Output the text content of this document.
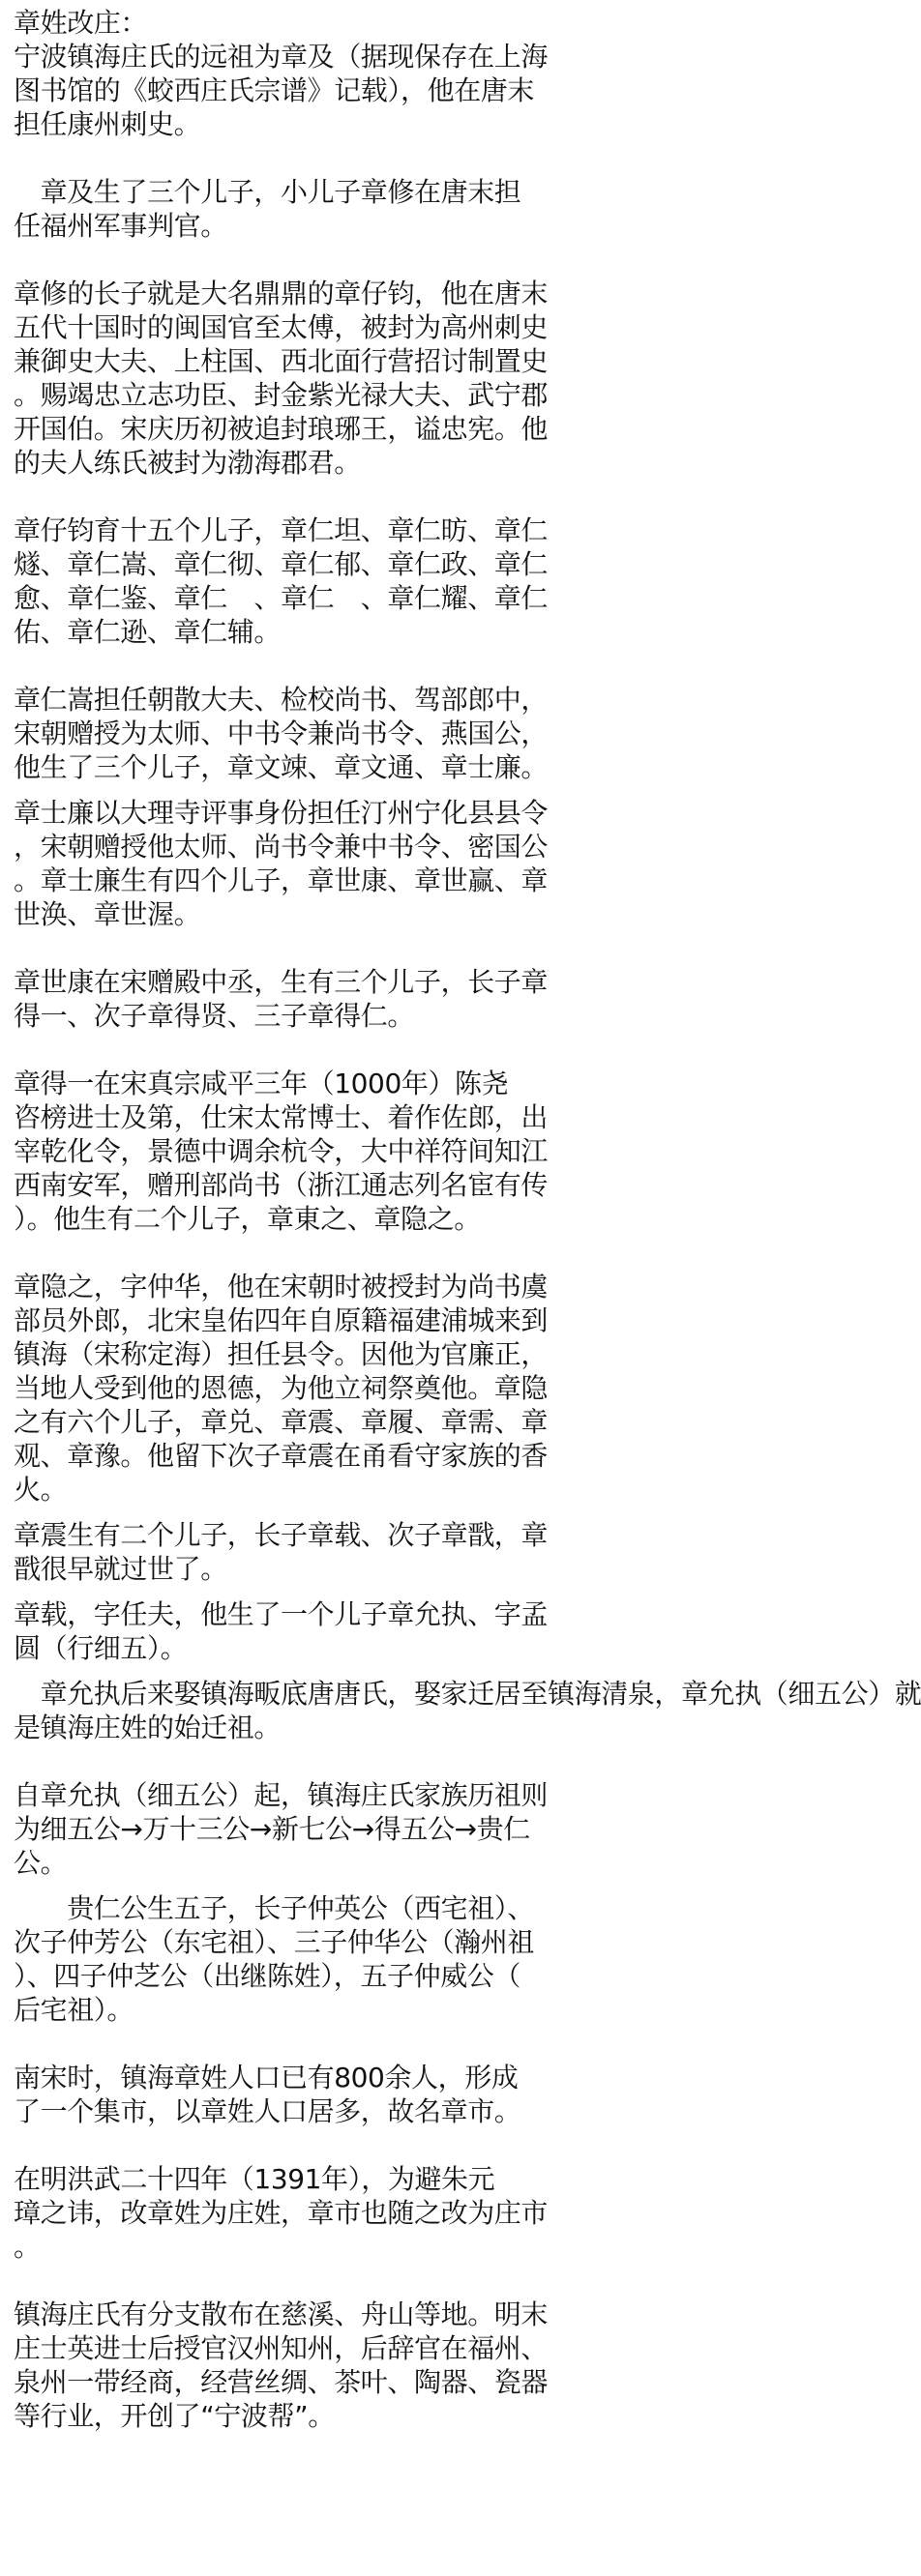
章姓改庄：
宁波镇海庄氏的远祖为章及（据现保存在上海
图书馆的《蛟西庄氏宗谱》记载），他在唐末
担任康州刺史。
　章及生了三个儿子，小儿子章修在唐末担
任福州军事判官。
章修的长子就是大名鼎鼎的章仔钧，他在唐末
五代十国时的闽国官至太傅，被封为高州刺史
兼御史大夫、上柱国、西北面行营招讨制置史
。赐竭忠立志功臣、封金紫光禄大夫、武宁郡
开国伯。宋庆历初被追封琅琊王，谥忠宪。他
的夫人练氏被封为渤海郡君。
章仔钧育十五个儿子，章仁坦、章仁昉、章仁
燧、章仁嵩、章仁彻、章仁郁、章仁政、章仁
愈、章仁鉴、章仁　、章仁　、章仁耀、章仁
佑、章仁逊、章仁辅。
章仁嵩担任朝散大夫、检校尚书、驾部郎中，
宋朝赠授为太师、中书令兼尚书令、燕国公，
他生了三个儿子，章文竦、章文通、章士廉。
章士廉以大理寺评事身份担任汀州宁化县县令
，宋朝赠授他太师、尚书令兼中书令、密国公
。章士廉生有四个儿子，章世康、章世赢、章
世涣、章世渥。
章世康在宋赠殿中丞，生有三个儿子，长子章
得一、次子章得贤、三子章得仁。
章得一在宋真宗咸平三年（1000年）陈尧
咨榜进士及第，仕宋太常博士、着作佐郎，出
宰乾化令，景德中调余杭令，大中祥符间知江
西南安军，赠刑部尚书（浙江通志列名宦有传
）。他生有二个儿子，章東之、章隐之。
章隐之，字仲华，他在宋朝时被授封为尚书虞
部员外郎，北宋皇佑四年自原籍福建浦城来到
镇海（宋称定海）担任县令。因他为官廉正，
当地人受到他的恩德，为他立祠祭奠他。章隐
之有六个儿子，章兑、章震、章履、章需、章
观、章豫。他留下次子章震在甬看守家族的香
火。
章震生有二个儿子，长子章载、次子章戬，章
戬很早就过世了。
章载，字任夫，他生了一个儿子章允执、字孟
圆（行细五）。
　章允执后来娶镇海畈底唐唐氏，娶家迁居至镇海清泉，章允执（细五公）就
是镇海庄姓的始迁祖。
自章允执（细五公）起，镇海庄氏家族历祖则
为细五公→万十三公→新七公→得五公→贵仁
公。
　　贵仁公生五子，长子仲英公（西宅祖）、
次子仲芳公（东宅祖）、三子仲华公（瀚州祖
）、四子仲芝公（出继陈姓），五子仲威公（
后宅祖）。
南宋时，镇海章姓人口已有800余人，形成
了一个集市，以章姓人口居多，故名章市。
在明洪武二十四年（1391年），为避朱元
璋之讳，改章姓为庄姓，章市也随之改为庄市
。
镇海庄氏有分支散布在慈溪、舟山等地。明末
庄士英进士后授官汉州知州，后辞官在福州、
泉州一带经商，经营丝绸、茶叶、陶器、瓷器
等行业，开创了“宁波帮”。
